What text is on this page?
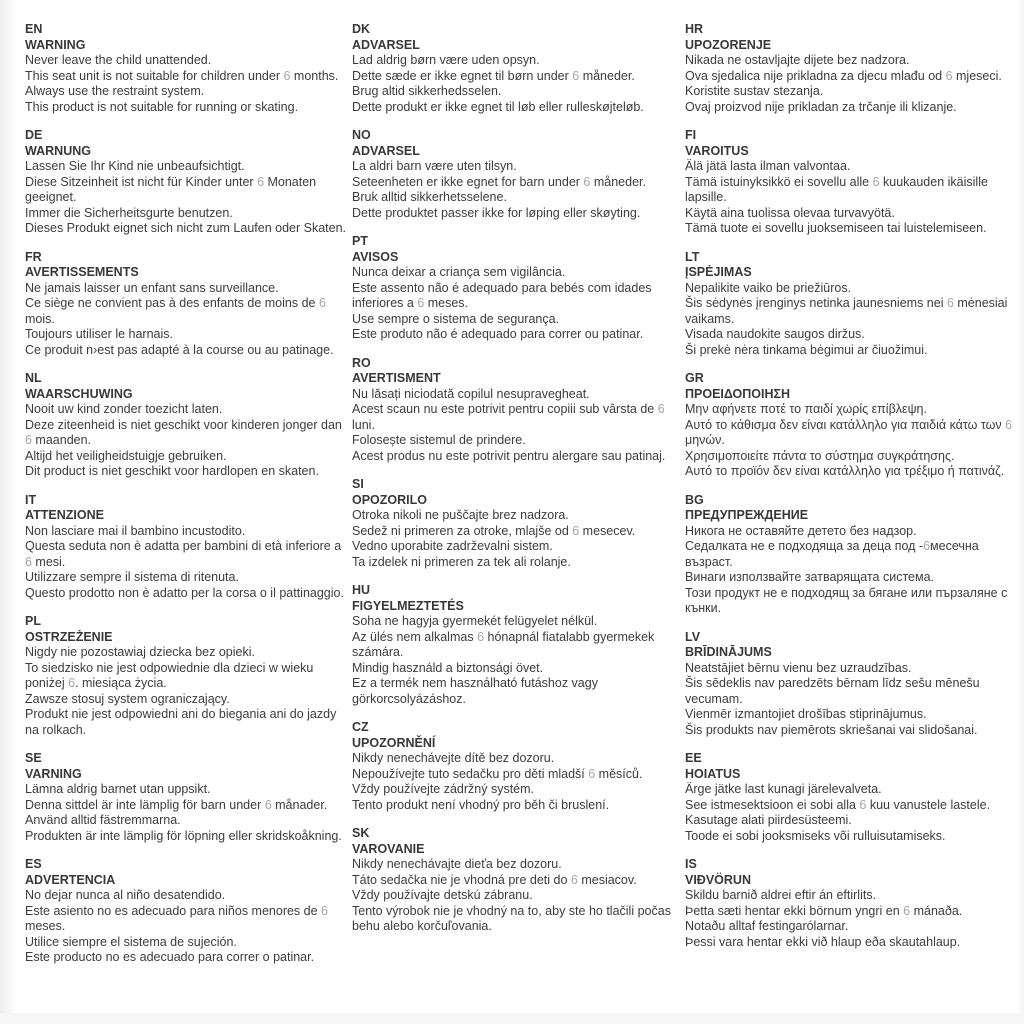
EN
WARNING

Never leave the child unattended.

This seat unit is not suitable for children under 6 months.

Always use the restraint system.

This product is not suitable for running or skating.

DE
WARNUNG

Lassen Sie Ihr Kind nie unbeaufsichtigt.

Diese Sitzeinheit ist nicht für Kinder unter 6 Monaten geeignet.

Immer die Sicherheitsgurte benutzen.

Dieses Produkt eignet sich nicht zum Laufen oder Skaten.

FR
AVERTISSEMENTS

Ne jamais laisser un enfant sans surveillance.

Ce siège ne convient pas à des enfants de moins de 6 mois.

Toujours utiliser le harnais.

Ce produit n›est pas adapté à la course ou au patinage.

NL
WAARSCHUWING

Nooit uw kind zonder toezicht laten.

Deze ziteenheid is niet geschikt voor kinderen jonger dan 6 maanden.

Altijd het veiligheidstuigje gebruiken.

Dit product is niet geschikt voor hardlopen en skaten.

IT
ATTENZIONE

Non lasciare mai il bambino incustodito.

Questa seduta non è adatta per bambini di età inferiore a 6 mesi.

Utilizzare sempre il sistema di ritenuta.

Questo prodotto non è adatto per la corsa o il pattinaggio.

PL
OSTRZEŻENIE

Nigdy nie pozostawiaj dziecka bez opieki.

To siedzisko nie jest odpowiednie dla dzieci w wieku poniżej 6. miesiąca życia.

Zawsze stosuj system ograniczający.

Produkt nie jest odpowiedni ani do biegania ani do jazdy na rolkach.

SE
VARNING

Lämna aldrig barnet utan uppsikt.

Denna sittdel är inte lämplig för barn under 6 månader.

Använd alltid fästremmarna.

Produkten är inte lämplig för löpning eller skridskoåkning.

ES
ADVERTENCIA

No dejar nunca al niño desatendido.

Este asiento no es adecuado para niños menores de 6 meses.

Utilice siempre el sistema de sujeción.

Este producto no es adecuado para correr o patinar.

DK
ADVARSEL

Lad aldrig børn være uden opsyn.

Dette sæde er ikke egnet til børn under 6 måneder.

Brug altid sikkerhedsselen.

Dette produkt er ikke egnet til løb eller rulleskøjteløb.

NO
ADVARSEL

La aldri barn være uten tilsyn.

Seteenheten er ikke egnet for barn under 6 måneder.

Bruk alltid sikkerhetsselene.

Dette produktet passer ikke for løping eller skøyting.

PT
AVISOS

Nunca deixar a criança sem vigilância.

Este assento não é adequado para bebés com idades inferiores a 6 meses.

Use sempre o sistema de segurança.

Este produto não é adequado para correr ou patinar.

RO
AVERTISMENT

Nu lăsați niciodată copilul nesupravegheat.

Acest scaun nu este potrivit pentru copiii sub vârsta de 6 luni.

Folosește sistemul de prindere.

Acest produs nu este potrivit pentru alergare sau patinaj.

SI
OPOZORILO

Otroka nikoli ne puščajte brez nadzora.

Sedež ni primeren za otroke, mlajše od 6 mesecev.

Vedno uporabite zadrževalni sistem.

Ta izdelek ni primeren za tek ali rolanje.

HU
FIGYELMEZTETÉS

Soha ne hagyja gyermekét felügyelet nélkül.

Az ülés nem alkalmas 6 hónapnál fiatalabb gyermekek számára.

Mindig használd a biztonsági övet.

Ez a termék nem használható futáshoz vagy görkorcsolyázáshoz.

CZ
UPOZORNĚNÍ

Nikdy nenechávejte dítě bez dozoru.

Nepoužívejte tuto sedačku pro děti mladší 6 měsíců.

Vždy používejte zádržný systém.

Tento produkt není vhodný pro běh či bruslení.

SK
VAROVANIE

Nikdy nenechávajte dieťa bez dozoru.

Táto sedačka nie je vhodná pre deti do 6 mesiacov.

Vždy používajte detskú zábranu.

Tento výrobok nie je vhodný na to, aby ste ho tlačili počas behu alebo korčuľovania.

HR
UPOZORENJE

Nikada ne ostavljajte dijete bez nadzora.

Ova sjedalica nije prikladna za djecu mlađu od 6 mjeseci.

Koristite sustav stezanja.

Ovaj proizvod nije prikladan za trčanje ili klizanje.

FI
VAROITUS

Älä jätä lasta ilman valvontaa.

Tämä istuinyksikkö ei sovellu alle 6 kuukauden ikäisille lapsille.

Käytä aina tuolissa olevaa turvavyötä.

Tämä tuote ei sovellu juoksemiseen tai luistelemiseen.

LT
ĮSPĖJIMAS

Nepalikite vaiko be priežiūros.

Šis sėdynės įrenginys netinka jaunesniems nei 6 mėnesiai vaikams.

Visada naudokite saugos diržus.

Ši prekė nėra tinkama bėgimui ar čiuožimui.

GR
ΠΡΟΕΙΔΟΠΟΙΗΣΗ

Μην αφήνετε ποτέ το παιδί χωρίς επίβλεψη.

Αυτό το κάθισμα δεν είναι κατάλληλο για παιδιά κάτω των 6 μηνών.

Χρησιμοποιείτε πάντα το σύστημα συγκράτησης.

Αυτό το προϊόν δεν είναι κατάλληλο για τρέξιμο ή πατινάζ.

BG
ПРЕДУПРЕЖДЕНИЕ

Никога не оставяйте детето без надзор.

Седалката не е подходяща за деца под -6месечна възраст.

Винаги използвайте затварящата система.

Този продукт не е подходящ за бягане или пързаляне с кънки.

LV
BRĪDINĀJUMS

Neatstājiet bērnu vienu bez uzraudzības.

Šis sēdeklis nav paredzēts bērnam līdz sešu mēnešu vecumam.

Vienmēr izmantojiet drošības stiprinājumus.

Šis produkts nav piemērots skriešanai vai slidošanai.

EE
HOIATUS

Ärge jätke last kunagi järelevalveta.

See istmesektsioon ei sobi alla 6 kuu vanustele lastele.

Kasutage alati piirdesüsteemi.

Toode ei sobi jooksmiseks või rulluisutamiseks.

IS
VIÐVÖRUN

Skildu barnið aldrei eftir án eftirlits.

Þetta sæti hentar ekki börnum yngri en 6 mánaða.

Notaðu alltaf festingarólarnar.

Þessi vara hentar ekki við hlaup eða skautahlaup.
